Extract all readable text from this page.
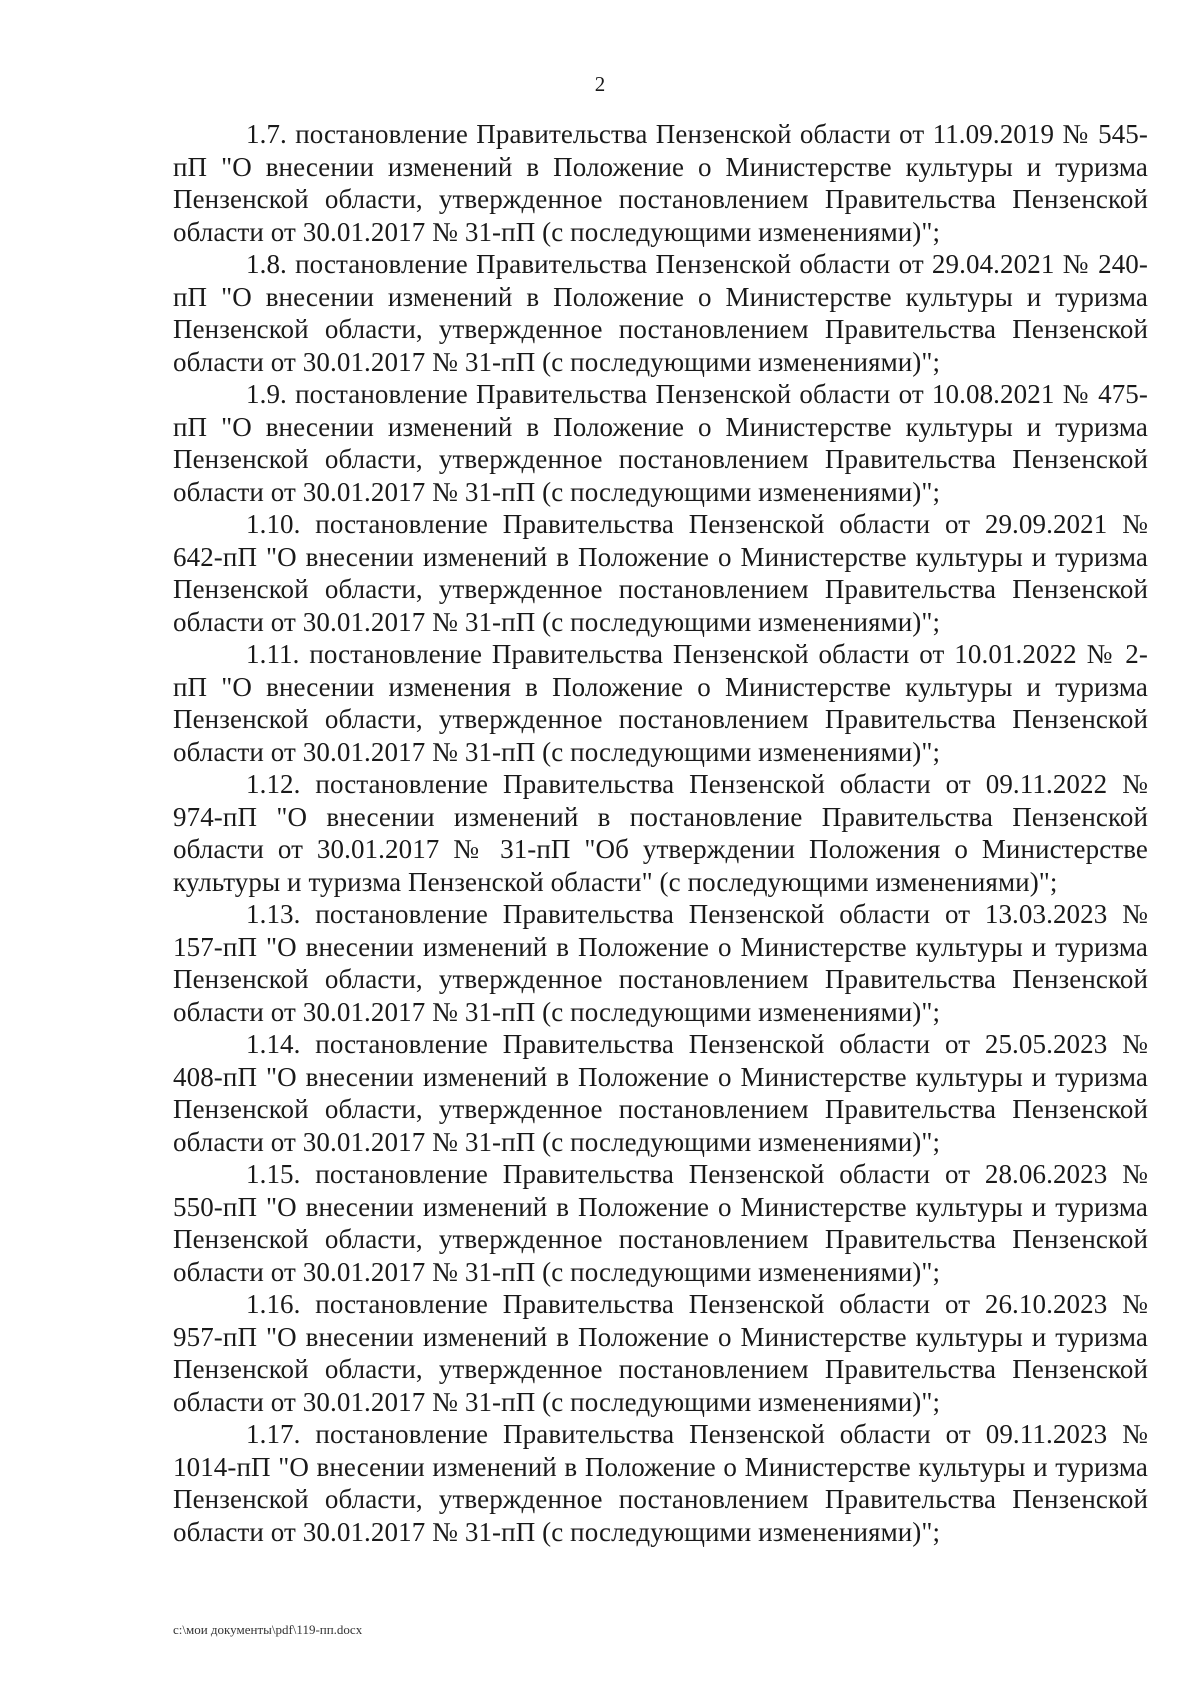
2

1.7. постановление Правительства Пензенской области от 11.09.2019 № 545-пП "О внесении изменений в Положение о Министерстве культуры и туризма Пензенской области, утвержденное постановлением Правительства Пензенской области от 30.01.2017 № 31-пП (с последующими изменениями)";

1.8. постановление Правительства Пензенской области от 29.04.2021 № 240-пП "О внесении изменений в Положение о Министерстве культуры и туризма Пензенской области, утвержденное постановлением Правительства Пензенской области от 30.01.2017 № 31-пП (с последующими изменениями)";

1.9. постановление Правительства Пензенской области от 10.08.2021 № 475-пП "О внесении изменений в Положение о Министерстве культуры и туризма Пензенской области, утвержденное постановлением Правительства Пензенской области от 30.01.2017 № 31-пП (с последующими изменениями)";

1.10. постановление Правительства Пензенской области от 29.09.2021 № 642-пП "О внесении изменений в Положение о Министерстве культуры и туризма Пензенской области, утвержденное постановлением Правительства Пензенской области от 30.01.2017 № 31-пП (с последующими изменениями)";

1.11. постановление Правительства Пензенской области от 10.01.2022 № 2-пП "О внесении изменения в Положение о Министерстве культуры и туризма Пензенской области, утвержденное постановлением Правительства Пензенской области от 30.01.2017 № 31-пП (с последующими изменениями)";

1.12. постановление Правительства Пензенской области от 09.11.2022 № 974-пП "О внесении изменений в постановление Правительства Пензенской области от 30.01.2017 № 31-пП "Об утверждении Положения о Министерстве культуры и туризма Пензенской области" (с последующими изменениями)";

1.13. постановление Правительства Пензенской области от 13.03.2023 № 157-пП "О внесении изменений в Положение о Министерстве культуры и туризма Пензенской области, утвержденное постановлением Правительства Пензенской области от 30.01.2017 № 31-пП (с последующими изменениями)";

1.14. постановление Правительства Пензенской области от 25.05.2023 № 408-пП "О внесении изменений в Положение о Министерстве культуры и туризма Пензенской области, утвержденное постановлением Правительства Пензенской области от 30.01.2017 № 31-пП (с последующими изменениями)";

1.15. постановление Правительства Пензенской области от 28.06.2023 № 550-пП "О внесении изменений в Положение о Министерстве культуры и туризма Пензенской области, утвержденное постановлением Правительства Пензенской области от 30.01.2017 № 31-пП (с последующими изменениями)";

1.16. постановление Правительства Пензенской области от 26.10.2023 № 957-пП "О внесении изменений в Положение о Министерстве культуры и туризма Пензенской области, утвержденное постановлением Правительства Пензенской области от 30.01.2017 № 31-пП (с последующими изменениями)";

1.17. постановление Правительства Пензенской области от 09.11.2023 № 1014-пП "О внесении изменений в Положение о Министерстве культуры и туризма Пензенской области, утвержденное постановлением Правительства Пензенской области от 30.01.2017 № 31-пП (с последующими изменениями)";

c:\мои документы\pdf\119-пп.docx
